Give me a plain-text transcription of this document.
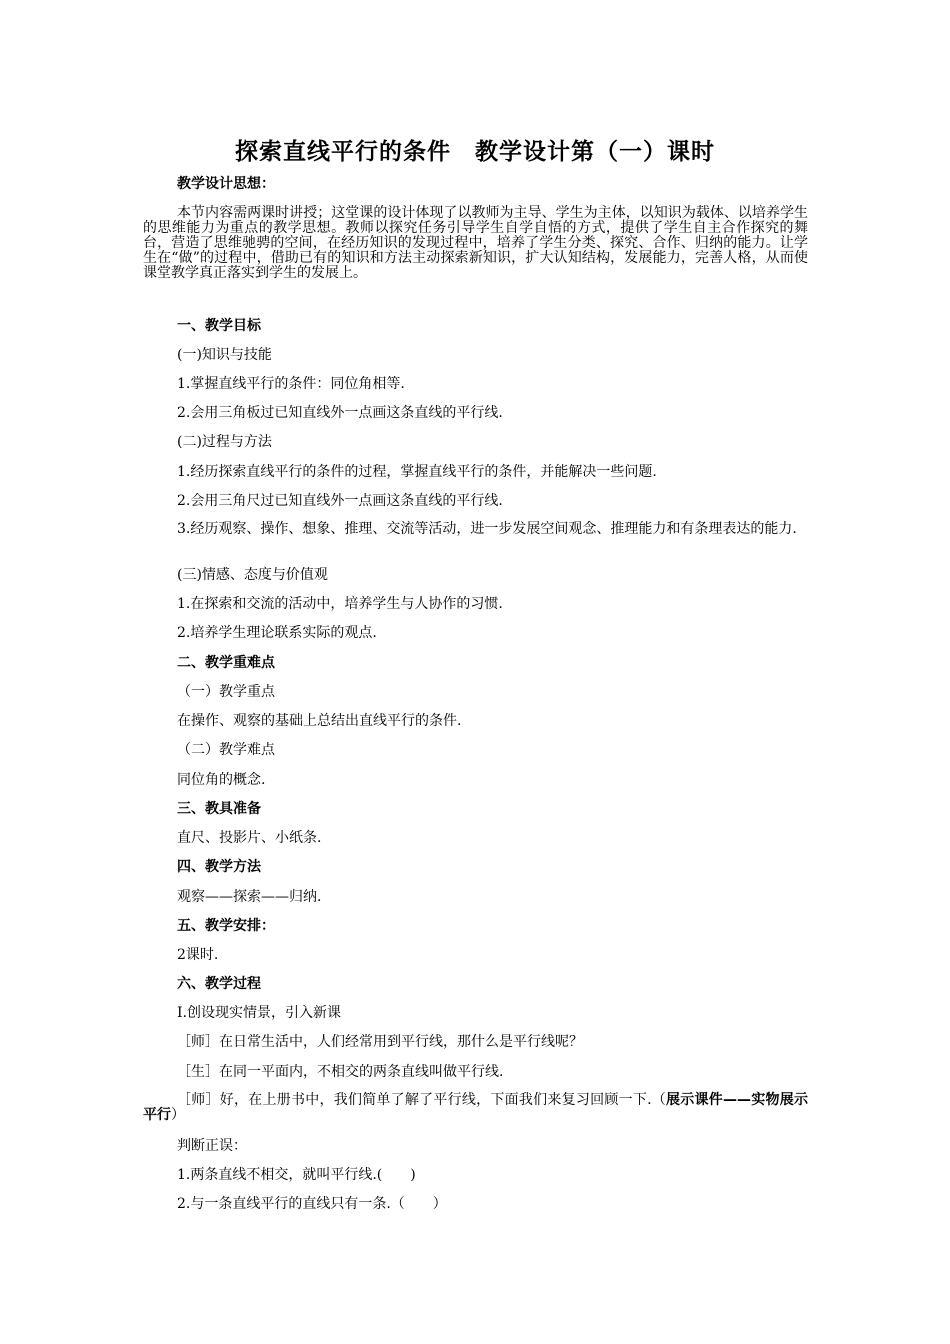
探索直线平行的条件　教学设计第（一）课时
教学设计思想：
本节内容需两课时讲授；这堂课的设计体现了以教师为主导、学生为主体，以知识为载体、以培养学生的思维能力为重点的教学思想。教师以探究任务引导学生自学自悟的方式，提供了学生自主合作探究的舞台，营造了思维驰骋的空间，在经历知识的发现过程中，培养了学生分类、探究、合作、归纳的能力。让学生在“做”的过程中，借助已有的知识和方法主动探索新知识，扩大认知结构，发展能力，完善人格，从而使课堂教学真正落实到学生的发展上。
一、教学目标
(一)知识与技能
1.掌握直线平行的条件：同位角相等.
2.会用三角板过已知直线外一点画这条直线的平行线.
(二)过程与方法
1.经历探索直线平行的条件的过程，掌握直线平行的条件，并能解决一些问题.
2.会用三角尺过已知直线外一点画这条直线的平行线.
3.经历观察、操作、想象、推理、交流等活动，进一步发展空间观念、推理能力和有条理表达的能力.
(三)情感、态度与价值观
1.在探索和交流的活动中，培养学生与人协作的习惯.
2.培养学生理论联系实际的观点.
二、教学重难点
（一）教学重点
在操作、观察的基础上总结出直线平行的条件.
（二）教学难点
同位角的概念.
三、教具准备
直尺、投影片、小纸条.
四、教学方法
观察——探索——归纳.
五、教学安排：
2课时.
六、教学过程
Ⅰ.创设现实情景，引入新课
［师］在日常生活中，人们经常用到平行线，那什么是平行线呢？
［生］在同一平面内，不相交的两条直线叫做平行线.
［师］好，在上册书中，我们简单了解了平行线，下面我们来复习回顾一下.（展示课件——实物展示平行）
判断正误：
1.两条直线不相交，就叫平行线.(　　)
2.与一条直线平行的直线只有一条.（　　）
